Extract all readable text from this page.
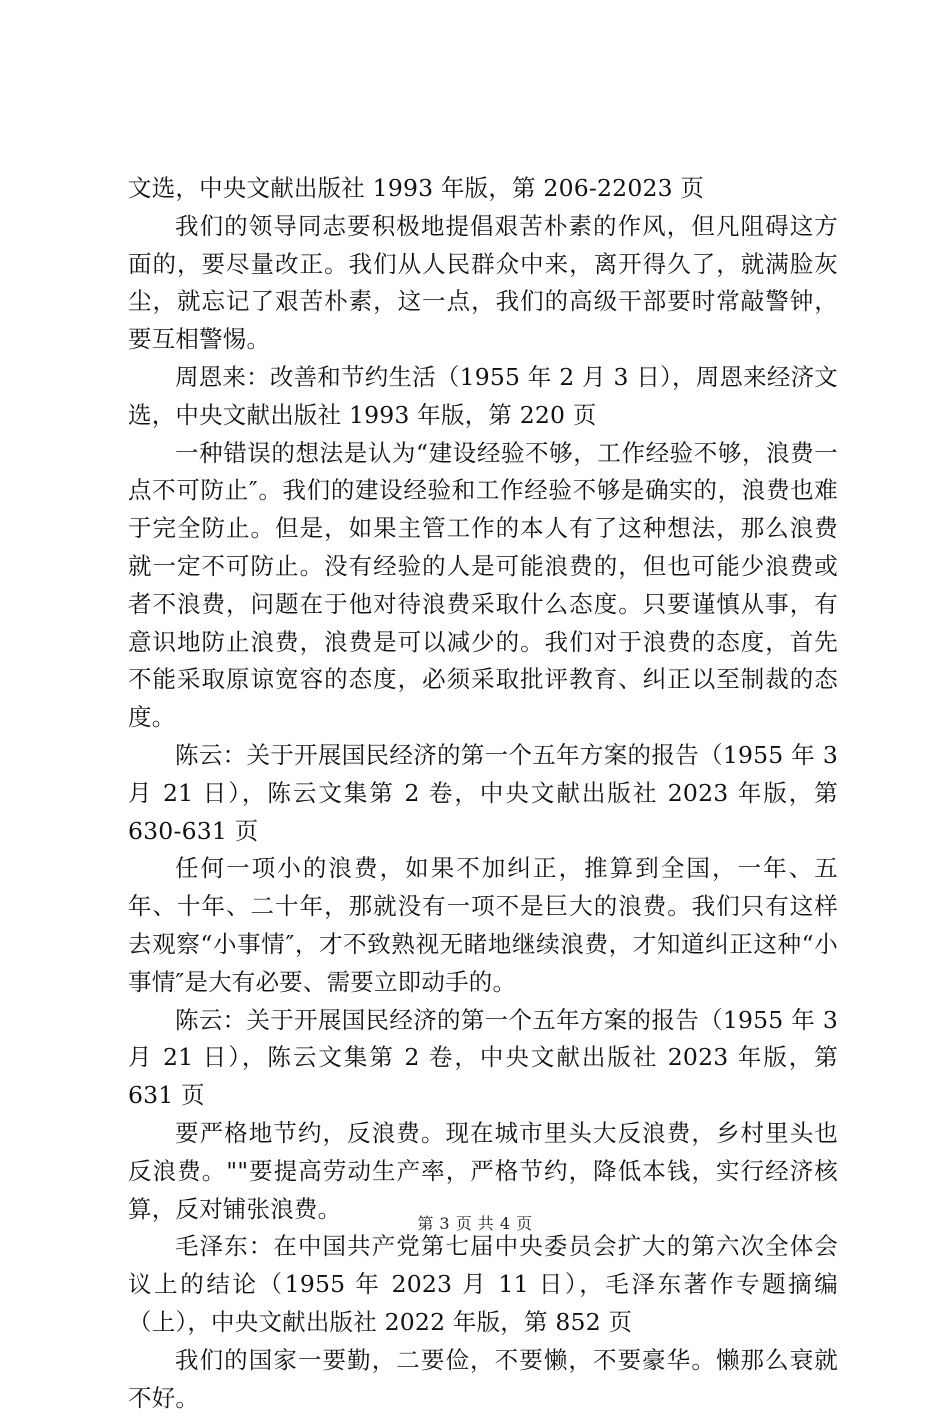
文选，中央文献出版社 1993 年版，第 206-22023 页

我们的领导同志要积极地提倡艰苦朴素的作风，但凡阻碍这方面的，要尽量改正。我们从人民群众中来，离开得久了，就满脸灰尘，就忘记了艰苦朴素，这一点，我们的高级干部要时常敲警钟，要互相警惕。

周恩来：改善和节约生活（1955 年 2 月 3 日），周恩来经济文选，中央文献出版社 1993 年版，第 220 页

一种错误的想法是认为“建设经验不够，工作经验不够，浪费一点不可防止″。我们的建设经验和工作经验不够是确实的，浪费也难于完全防止。但是，如果主管工作的本人有了这种想法，那么浪费就一定不可防止。没有经验的人是可能浪费的，但也可能少浪费或者不浪费，问题在于他对待浪费采取什么态度。只要谨慎从事，有意识地防止浪费，浪费是可以减少的。我们对于浪费的态度，首先不能采取原谅宽容的态度，必须采取批评教育、纠正以至制裁的态度。

陈云：关于开展国民经济的第一个五年方案的报告（1955 年 3 月 21 日），陈云文集第 2 卷，中央文献出版社 2023 年版，第 630-631 页

任何一项小的浪费，如果不加纠正，推算到全国，一年、五年、十年、二十年，那就没有一项不是巨大的浪费。我们只有这样去观察“小事情″，才不致熟视无睹地继续浪费，才知道纠正这种“小事情″是大有必要、需要立即动手的。

陈云：关于开展国民经济的第一个五年方案的报告（1955 年 3 月 21 日），陈云文集第 2 卷，中央文献出版社 2023 年版，第 631 页

要严格地节约，反浪费。现在城市里头大反浪费，乡村里头也反浪费。""要提高劳动生产率，严格节约，降低本钱，实行经济核算，反对铺张浪费。

毛泽东：在中国共产党第七届中央委员会扩大的第六次全体会议上的结论（1955 年 2023 月 11 日），毛泽东著作专题摘编（上），中央文献出版社 2022 年版，第 852 页

我们的国家一要勤，二要俭，不要懒，不要豪华。懒那么衰就不好。

第 3 页 共 4 页
